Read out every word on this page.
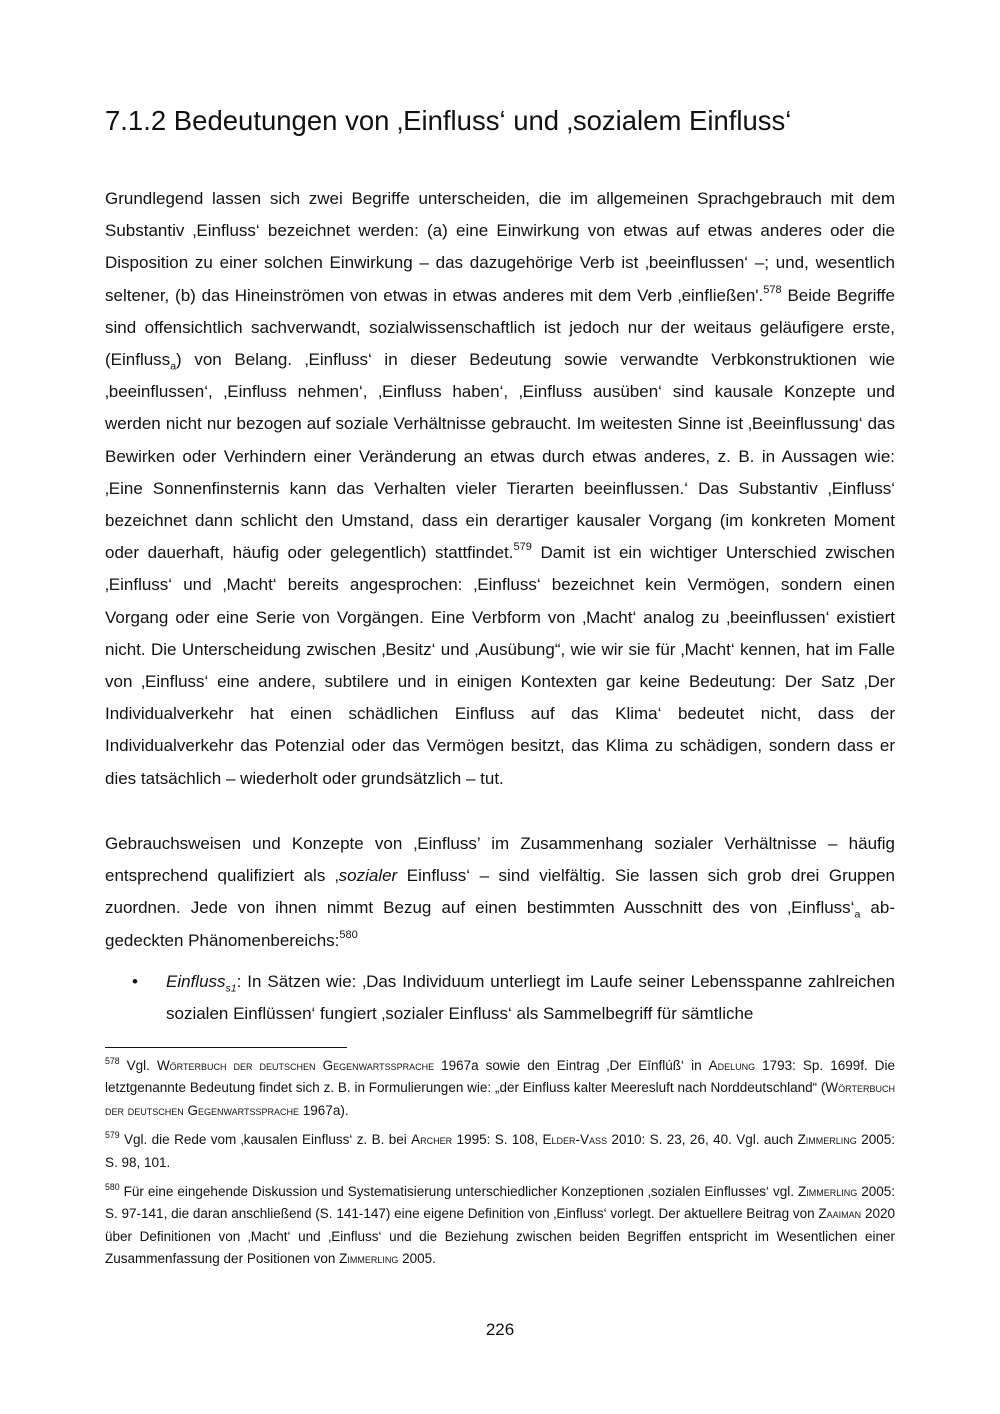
7.1.2 Bedeutungen von ‚Einfluss‘ und ‚sozialem Einfluss‘

Grundlegend lassen sich zwei Begriffe unterscheiden, die im allgemeinen Sprachgebrauch mit dem Substantiv ‚Einfluss‘ bezeichnet werden: (a) eine Einwirkung von etwas auf etwas anderes oder die Disposition zu einer solchen Einwirkung – das dazugehörige Verb ist ‚beeinflussen‘ –; und, wesentlich seltener, (b) das Hineinströmen von etwas in etwas anderes mit dem Verb ‚einfließen'.$^{578}$ Beide Begriffe sind offensichtlich sachverwandt, sozialwissenschaftlich ist jedoch nur der weitaus geläufigere erste, (Einfluss$_a$) von Belang. ‚Einfluss‘ in dieser Bedeutung sowie verwandte Verbkonstruktionen wie ‚beeinflussen‘, ‚Einfluss nehmen‘, ‚Einfluss haben‘, ‚Einfluss ausüben‘ sind kausale Konzepte und werden nicht nur bezogen auf soziale Verhältnisse gebraucht. Im weitesten Sinne ist ‚Beeinflussung‘ das Bewirken oder Verhindern einer Veränderung an etwas durch etwas anderes, z. B. in Aussagen wie: ‚Eine Sonnenfinsternis kann das Verhalten vieler Tierarten beeinflussen.‘ Das Substantiv ‚Einfluss‘ bezeichnet dann schlicht den Umstand, dass ein derartiger kausaler Vorgang (im konkreten Moment oder dauerhaft, häufig oder gelegentlich) stattfindet.$^{579}$ Damit ist ein wichtiger Unterschied zwischen ‚Einfluss‘ und ‚Macht‘ bereits angesprochen: ‚Einfluss‘ bezeichnet kein Vermögen, sondern einen Vorgang oder eine Serie von Vorgängen. Eine Verbform von ‚Macht‘ analog zu ‚beeinflussen‘ existiert nicht. Die Unterscheidung zwischen ‚Besitz‘ und ‚Ausübung“, wie wir sie für ‚Macht‘ kennen, hat im Falle von ‚Einfluss‘ eine andere, subtilere und in einigen Kontexten gar keine Bedeutung: Der Satz ‚Der Individualverkehr hat einen schädlichen Einfluss auf das Klima‘ bedeutet nicht, dass der Individualverkehr das Potenzial oder das Vermögen besitzt, das Klima zu schädigen, sondern dass er dies tatsächlich – wiederholt oder grundsätzlich – tut.

Gebrauchsweisen und Konzepte von ‚Einfluss’ im Zusammenhang sozialer Verhältnisse – häufig entsprechend qualifiziert als ‚sozialer Einfluss‘ – sind vielfältig. Sie lassen sich grob drei Gruppen zuordnen. Jede von ihnen nimmt Bezug auf einen bestimmten Ausschnitt des von $‚Einfluss‘_a$ abgedeckten Phänomenbereichs:$^{580}$

• Einfluss$_{s1}$: In Sätzen wie: ‚Das Individuum unterliegt im Laufe seiner Lebensspanne zahlreichen sozialen Einflüssen‘ fungiert ‚sozialer Einfluss‘ als Sammelbegriff für sämtliche

$^{578}$ Vgl. Wörterbuch der deutschen Gegenwartssprache 1967a sowie den Eintrag ‚Der Eīnflúß‘ in Adelung 1793: Sp. 1699f. Die letztgenannte Bedeutung findet sich z. B. in Formulierungen wie: „der Einfluss kalter Meeresluft nach Norddeutschland“ (Wörterbuch der deutschen Gegenwartssprache 1967a).

$^{579}$ Vgl. die Rede vom ‚kausalen Einfluss‘ z. B. bei Archer 1995: S. 108, Elder-Vass 2010: S. 23, 26, 40. Vgl. auch Zimmerling 2005: S. 98, 101.

$^{580}$ Für eine eingehende Diskussion und Systematisierung unterschiedlicher Konzeptionen ‚sozialen Einflusses‘ vgl. Zimmerling 2005: S. 97-141, die daran anschließend (S. 141-147) eine eigene Definition von ‚Einfluss‘ vorlegt. Der aktuellere Beitrag von Zaaiman 2020 über Definitionen von ‚Macht‘ und ‚Einfluss‘ und die Beziehung zwischen beiden Begriffen entspricht im Wesentlichen einer Zusammenfassung der Positionen von Zimmerling 2005.

226
